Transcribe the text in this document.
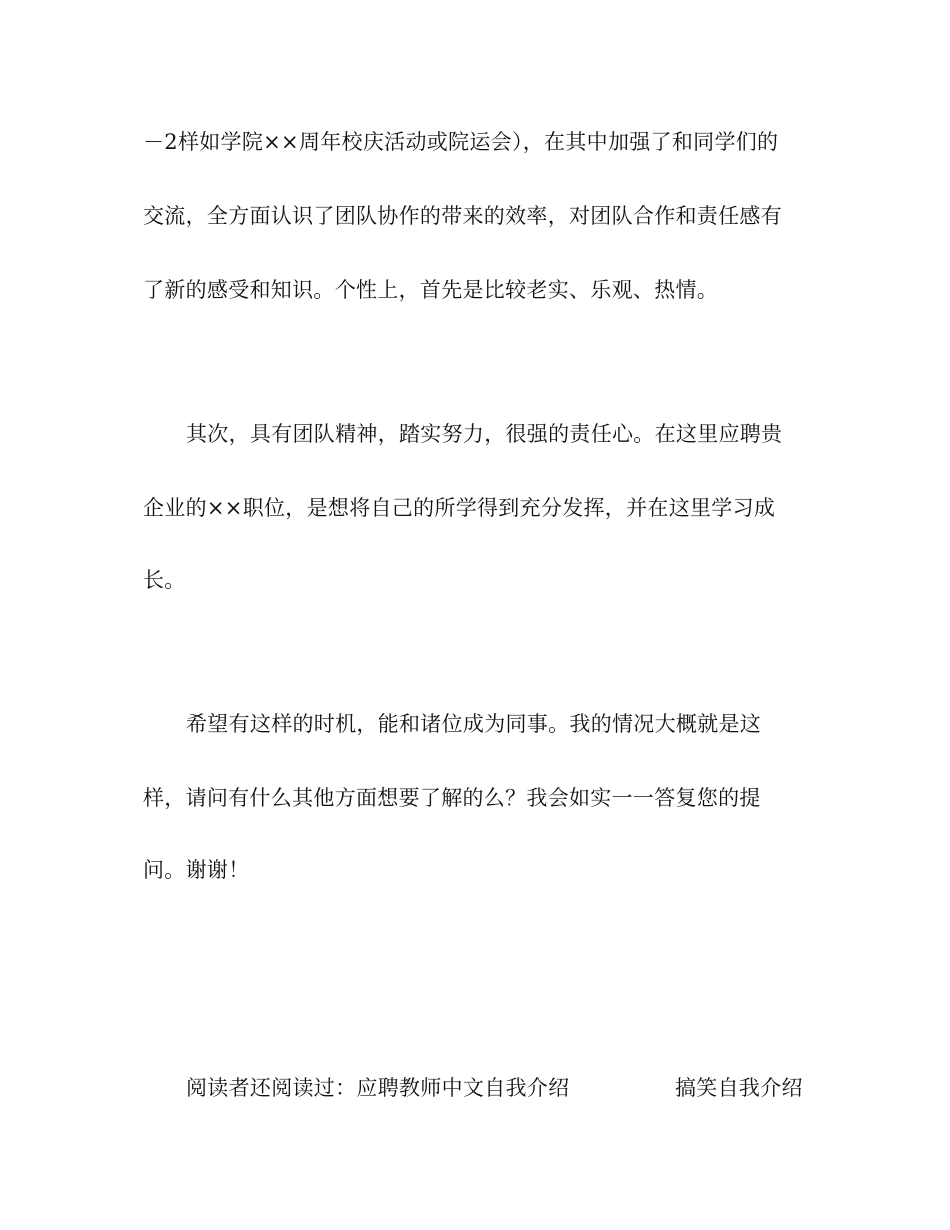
－2样如学院××周年校庆活动或院运会），在其中加强了和同学们的
交流，全方面认识了团队协作的带来的效率，对团队合作和责任感有
了新的感受和知识。个性上，首先是比较老实、乐观、热情。
其次，具有团队精神，踏实努力，很强的责任心。在这里应聘贵
企业的××职位，是想将自己的所学得到充分发挥，并在这里学习成
长。
希望有这样的时机，能和诸位成为同事。我的情况大概就是这
样，请问有什么其他方面想要了解的么？我会如实一一答复您的提
问。谢谢！
阅读者还阅读过：应聘教师中文自我介绍	搞笑自我介绍
